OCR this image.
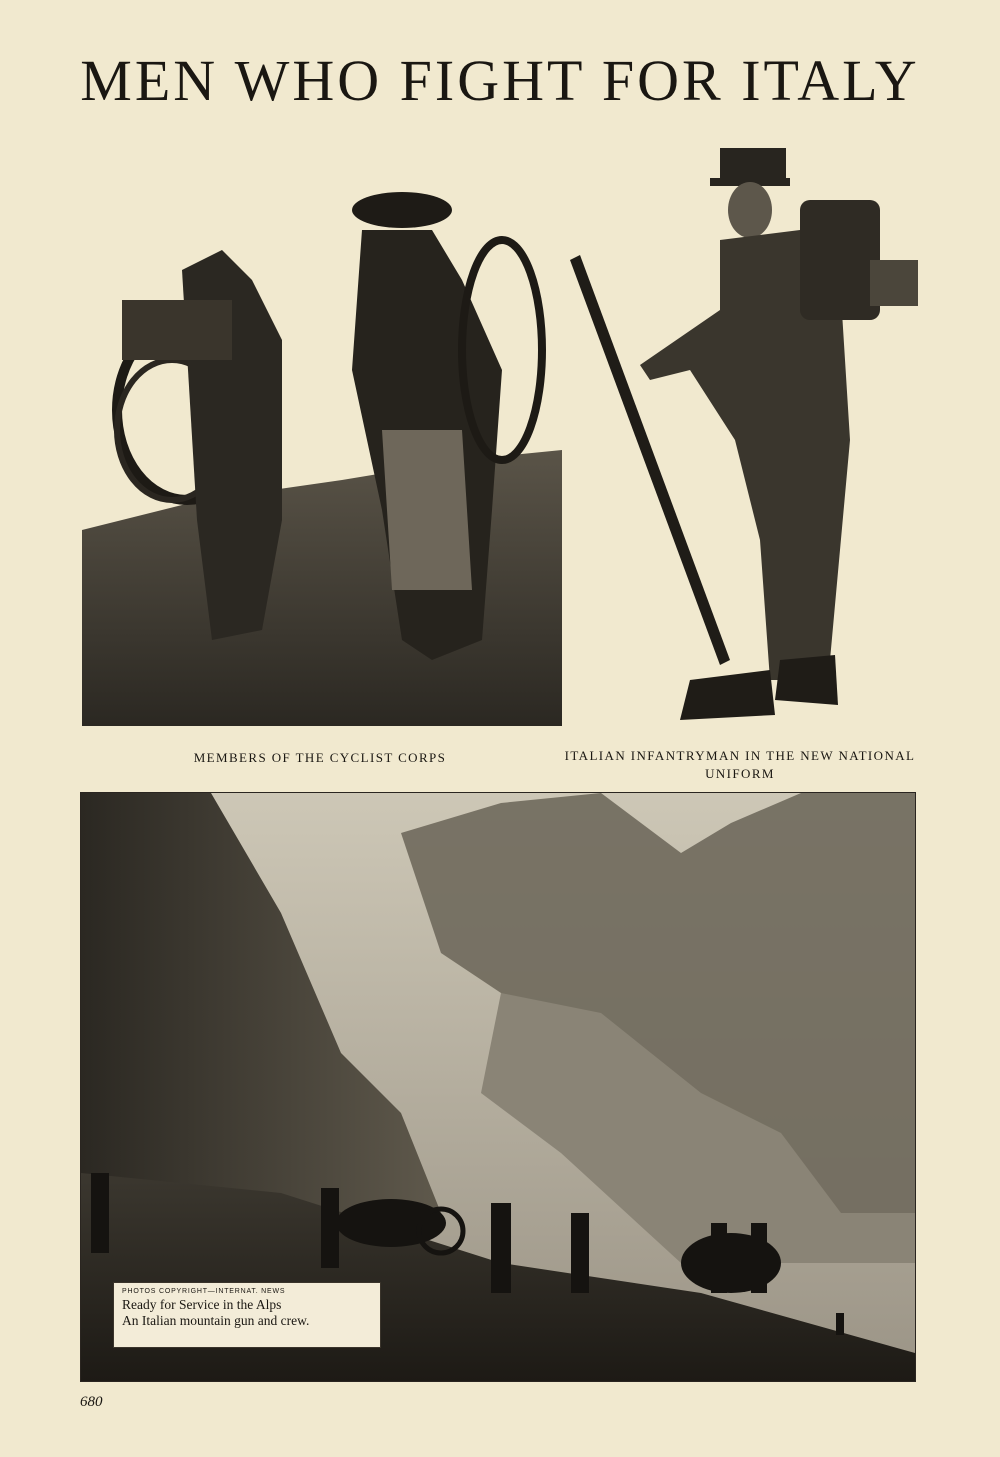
MEN WHO FIGHT FOR ITALY
MEMBERS OF THE CYCLIST CORPS	ITALIAN INFANTRYMAN IN THE NEW NATIONAL UNIFORM
PHOTOS COPYRIGHT—INTERNAT. NEWS
Ready for Service in the Alps
An Italian mountain gun and crew.
680
